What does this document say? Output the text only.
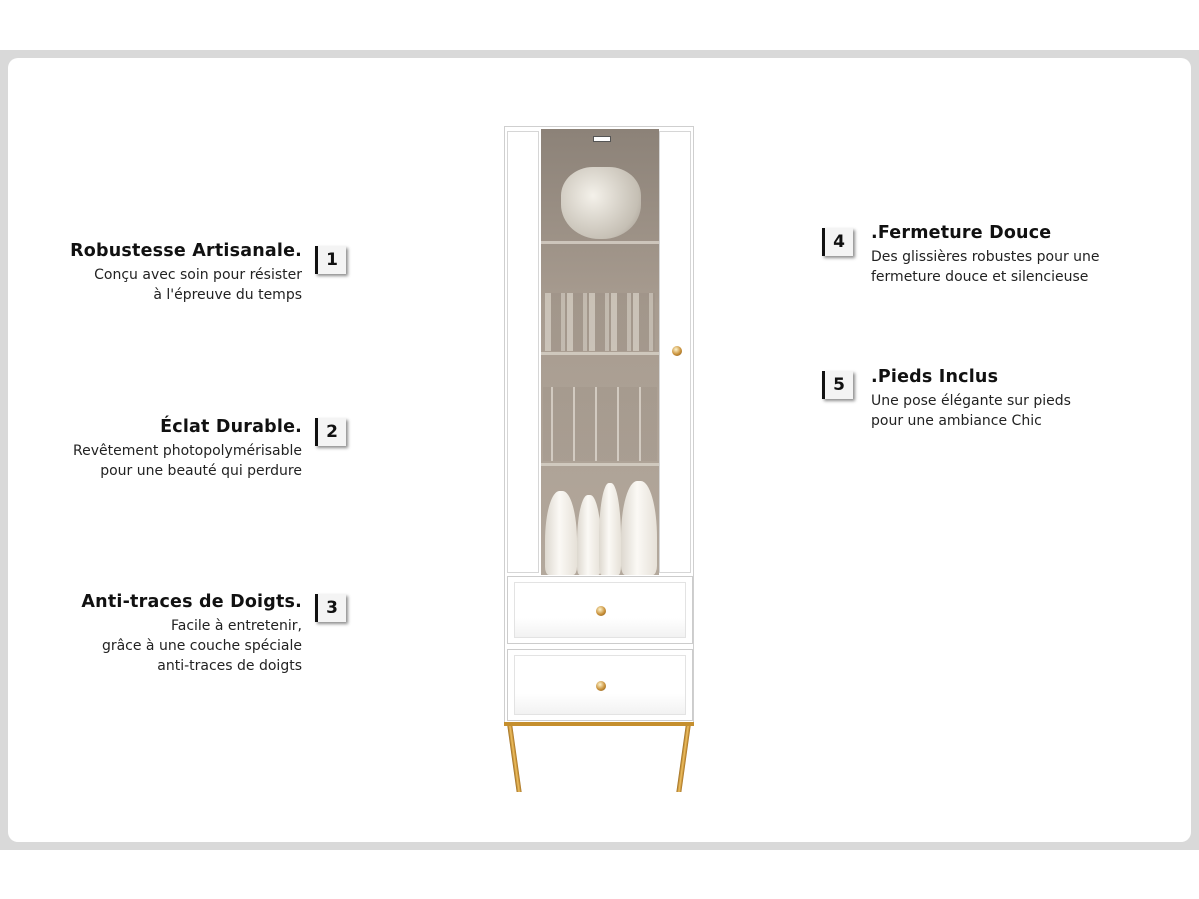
Robustesse Artisanale.
Conçu avec soin pour résister
à l'épreuve du temps
1
Éclat Durable.
Revêtement photopolymérisable
pour une beauté qui perdure
2
Anti-traces de Doigts.
Facile à entretenir,
grâce à une couche spéciale
anti-traces de doigts
3
4	.Fermeture Douce
Des glissières robustes pour une
fermeture douce et silencieuse
5	.Pieds Inclus
Une pose élégante sur pieds
pour une ambiance Chic
